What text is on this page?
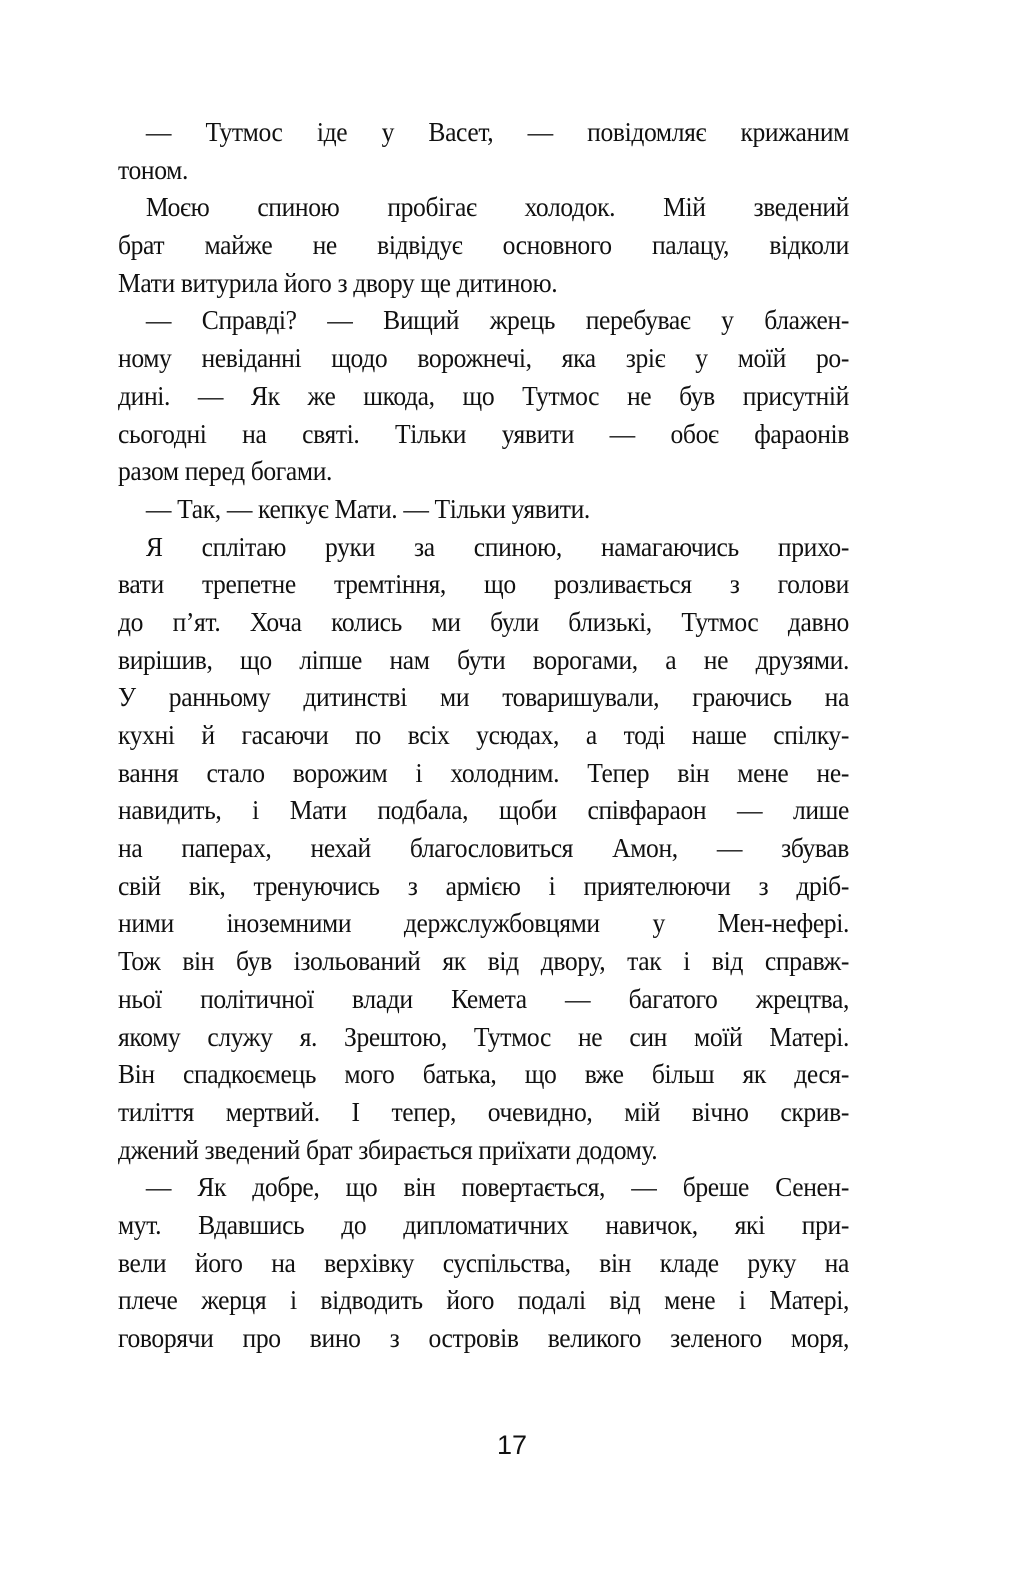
— Тутмос іде у Васет, — повідомляє крижаним
тоном.
Моєю спиною пробігає холодок. Мій зведений
брат майже не відвідує основного палацу, відколи
Мати витурила його з двору ще дитиною.
— Справді? — Вищий жрець перебуває у блажен-
ному невіданні щодо ворожнечі, яка зріє у моїй ро-
дині. — Як же шкода, що Тутмос не був присутній
сьогодні на святі. Тільки уявити — обоє фараонів
разом перед богами.
— Так, — кепкує Мати. — Тільки уявити.
Я сплітаю руки за спиною, намагаючись прихо-
вати трепетне тремтіння, що розливається з голови
до п’ят. Хоча колись ми були близькі, Тутмос давно
вирішив, що ліпше нам бути ворогами, а не друзями.
У ранньому дитинстві ми товаришували, граючись на
кухні й гасаючи по всіх усюдах, а тоді наше спілку-
вання стало ворожим і холодним. Тепер він мене не-
навидить, і Мати подбала, щоби співфараон — лише
на паперах, нехай благословиться Амон, — збував
свій вік, тренуючись з армією і приятелюючи з дріб-
ними іноземними держслужбовцями у Мен-нефері.
Тож він був ізольований як від двору, так і від справж-
ньої політичної влади Кемета — багатого жрецтва,
якому служу я. Зрештою, Тутмос не син моїй Матері.
Він спадкоємець мого батька, що вже більш як деся-
тиліття мертвий. І тепер, очевидно, мій вічно скрив-
джений зведений брат збирається приїхати додому.
— Як добре, що він повертається, — бреше Сенен-
мут. Вдавшись до дипломатичних навичок, які при-
вели його на верхівку суспільства, він кладе руку на
плече жерця і відводить його подалі від мене і Матері,
говорячи про вино з островів великого зеленого моря,
17
